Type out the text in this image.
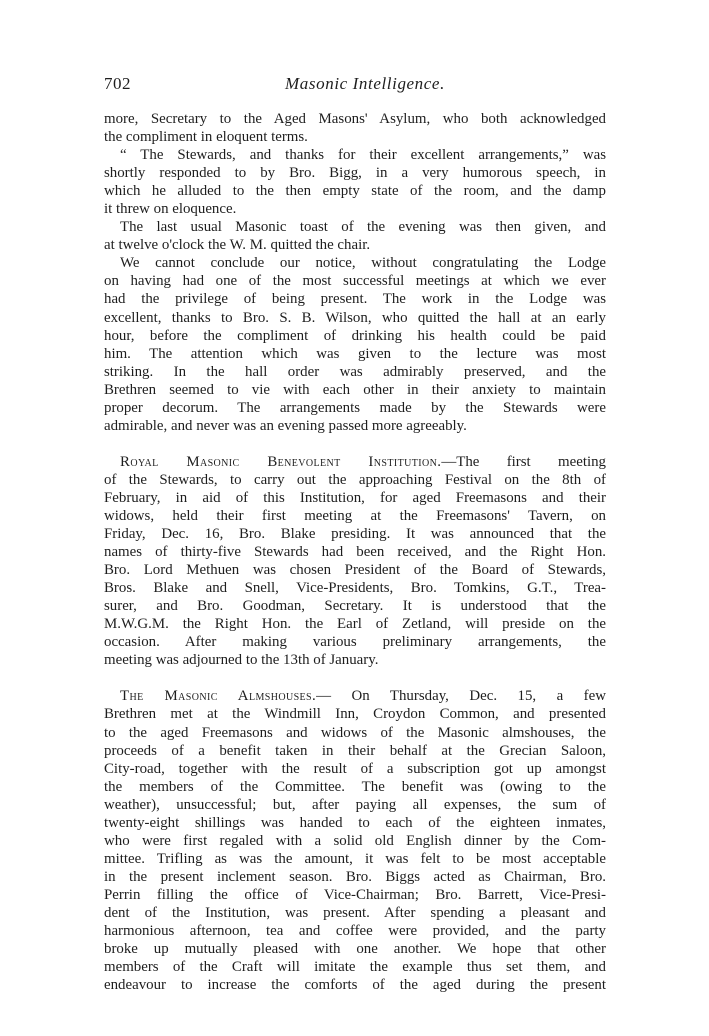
702	Masonic Intelligence.
more, Secretary to the Aged Masons' Asylum, who both acknowledged
the compliment in eloquent terms.
“ The Stewards, and thanks for their excellent arrangements,” was
shortly responded to by Bro. Bigg, in a very humorous speech, in
which he alluded to the then empty state of the room, and the damp
it threw on eloquence.
The last usual Masonic toast of the evening was then given, and
at twelve o'clock the W. M. quitted the chair.
We cannot conclude our notice, without congratulating the Lodge
on having had one of the most successful meetings at which we ever
had the privilege of being present. The work in the Lodge was
excellent, thanks to Bro. S. B. Wilson, who quitted the hall at an early
hour, before the compliment of drinking his health could be paid
him. The attention which was given to the lecture was most
striking. In the hall order was admirably preserved, and the
Brethren seemed to vie with each other in their anxiety to maintain
proper decorum. The arrangements made by the Stewards were
admirable, and never was an evening passed more agreeably.
Royal Masonic Benevolent Institution.—The first meeting
of the Stewards, to carry out the approaching Festival on the 8th of
February, in aid of this Institution, for aged Freemasons and their
widows, held their first meeting at the Freemasons' Tavern, on
Friday, Dec. 16, Bro. Blake presiding. It was announced that the
names of thirty-five Stewards had been received, and the Right Hon.
Bro. Lord Methuen was chosen President of the Board of Stewards,
Bros. Blake and Snell, Vice-Presidents, Bro. Tomkins, G.T., Trea-
surer, and Bro. Goodman, Secretary. It is understood that the
M.W.G.M. the Right Hon. the Earl of Zetland, will preside on the
occasion. After making various preliminary arrangements, the
meeting was adjourned to the 13th of January.
The Masonic Almshouses.— On Thursday, Dec. 15, a few
Brethren met at the Windmill Inn, Croydon Common, and presented
to the aged Freemasons and widows of the Masonic almshouses, the
proceeds of a benefit taken in their behalf at the Grecian Saloon,
City-road, together with the result of a subscription got up amongst
the members of the Committee. The benefit was (owing to the
weather), unsuccessful; but, after paying all expenses, the sum of
twenty-eight shillings was handed to each of the eighteen inmates,
who were first regaled with a solid old English dinner by the Com-
mittee. Trifling as was the amount, it was felt to be most acceptable
in the present inclement season. Bro. Biggs acted as Chairman, Bro.
Perrin filling the office of Vice-Chairman; Bro. Barrett, Vice-Presi-
dent of the Institution, was present. After spending a pleasant and
harmonious afternoon, tea and coffee were provided, and the party
broke up mutually pleased with one another. We hope that other
members of the Craft will imitate the example thus set them, and
endeavour to increase the comforts of the aged during the present
